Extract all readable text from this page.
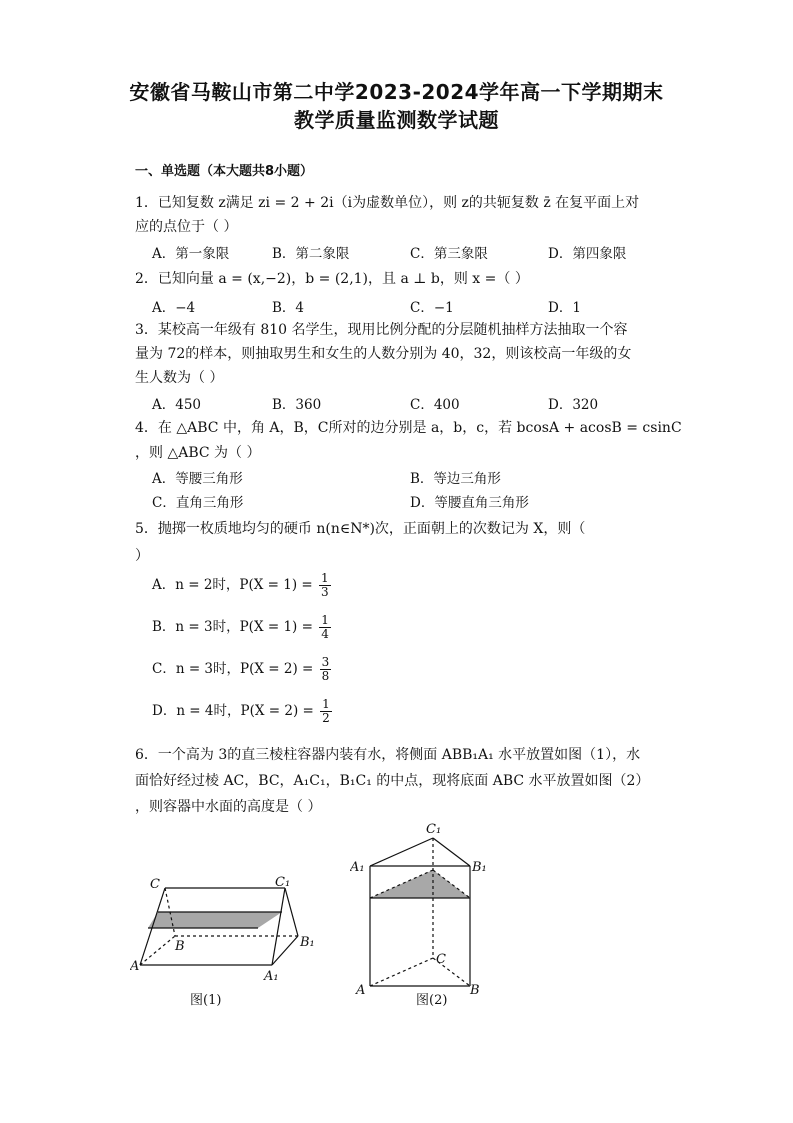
安徽省马鞍山市第二中学2023-2024学年高一下学期期末
教学质量监测数学试题
一、单选题（本大题共8小题）
1．已知复数 z满足 zi = 2 + 2i（i为虚数单位），则 z的共轭复数 z̄ 在复平面上对
应的点位于（ ）
A．第一象限	B．第二象限	C．第三象限	D．第四象限
2．已知向量 a = (x,−2)，b = (2,1)，且 a ⊥ b，则 x =（ ）
A．−4	B．4	C．−1	D．1
3．某校高一年级有 810 名学生，现用比例分配的分层随机抽样方法抽取一个容
量为 72的样本，则抽取男生和女生的人数分别为 40，32，则该校高一年级的女
生人数为（ ）
A．450	B．360	C．400	D．320
4．在 △ABC 中，角 A，B，C所对的边分别是 a，b，c，若 bcosA + acosB = csinC
，则 △ABC 为（ ）
A．等腰三角形	B．等边三角形
C．直角三角形	D．等腰直角三角形
5．抛掷一枚质地均匀的硬币 n(n∈N*)次，正面朝上的次数记为 X，则（
）
A．n = 2时，$P(X = 1) = \frac{1}{3}$
B．n = 3时，$P(X = 1) = \frac{1}{4}$
C．n = 3时，$P(X = 2) = \frac{3}{8}$
D．n = 4时，$P(X = 2) = \frac{1}{2}$
6．一个高为 3的直三棱柱容器内装有水，将侧面 ABB₁A₁ 水平放置如图（1），水
面恰好经过棱 AC，BC，A₁C₁，B₁C₁ 的中点，现将底面 ABC 水平放置如图（2）
，则容器中水面的高度是（ ）
C	C₁
B	B₁
A
A₁
图(1)
C₁
A₁	B₁
C
A	B
图(2)
